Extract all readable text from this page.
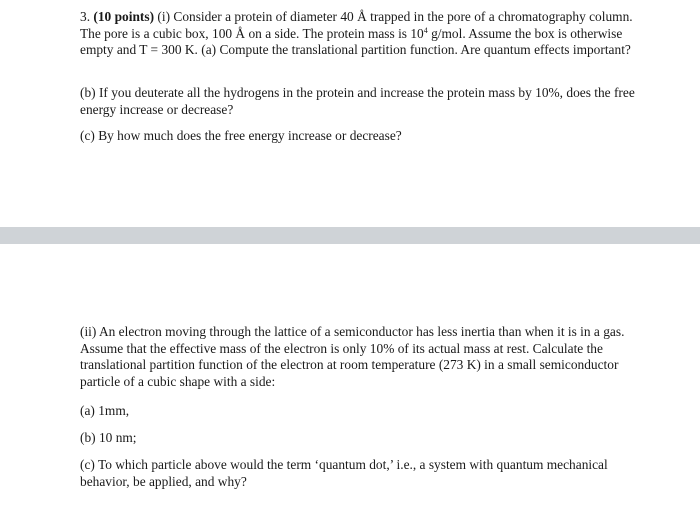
3. (10 points) (i) Consider a protein of diameter 40 Å trapped in the pore of a chromatography column. The pore is a cubic box, 100 Å on a side. The protein mass is $10^4$ g/mol. Assume the box is otherwise empty and T = 300 K. (a) Compute the translational partition function. Are quantum effects important?

(b) If you deuterate all the hydrogens in the protein and increase the protein mass by 10%, does the free energy increase or decrease?

(c) By how much does the free energy increase or decrease?

(ii) An electron moving through the lattice of a semiconductor has less inertia than when it is in a gas. Assume that the effective mass of the electron is only 10% of its actual mass at rest. Calculate the translational partition function of the electron at room temperature (273 K) in a small semiconductor particle of a cubic shape with a side:

(a) 1mm,

(b) 10 nm;

(c) To which particle above would the term ‘quantum dot,’ i.e., a system with quantum mechanical behavior, be applied, and why?
